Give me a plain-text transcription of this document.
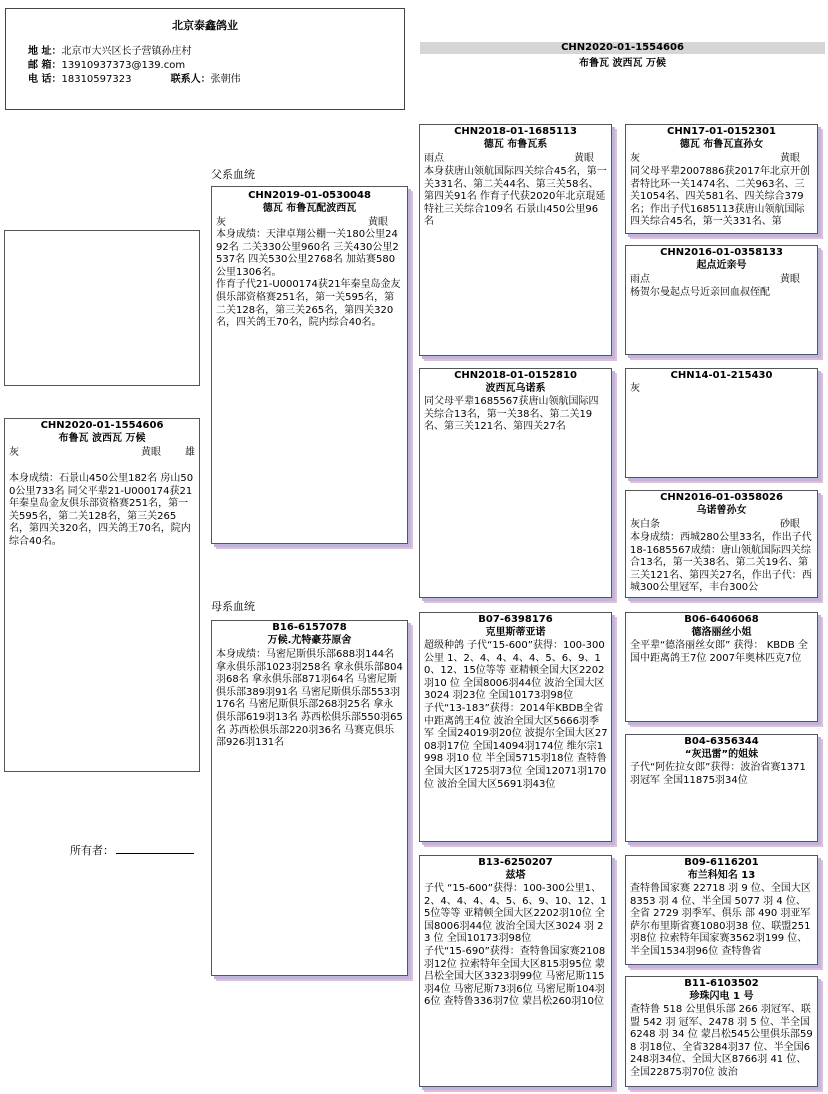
北京泰鑫鸽业
地 址：北京市大兴区长子营镇孙庄村
邮 箱：13910937373@139.com
电 话：18310597323	联系人：张朝伟
CHN2020-01-1554606
布鲁瓦 波西瓦 万候
父系血统
母系血统
所有者：
CHN2020-01-1554606
布鲁瓦 波西瓦 万候
灰	黄眼 雄
本身成绩：石景山450公里182名 房山500公里733名 同父平辈21-U000174获21年秦皇岛金友俱乐部资格赛251名，第一关595名，第二关128名，第三关265名，第四关320名，四关鸽王70名，院内综合40名。
CHN2019-01-0530048
德瓦 布鲁瓦配波西瓦
灰	黄眼
本身成绩：天津卓翔公棚一关180公里2492名 二关330公里960名 三关430公里2537名 四关530公里2768名 加站赛580公里1306名。
作育子代21-U000174获21年秦皇岛金友俱乐部资格赛251名，第一关595名，第二关128名，第三关265名，第四关320名，四关鸽王70名，院内综合40名。
B16-6157078
万候.尤特豪芬原舍
本身成绩：马密尼斯俱乐部688羽144名 拿永俱乐部1023羽258名 拿永俱乐部804羽68名 拿永俱乐部871羽64名 马密尼斯俱乐部389羽91名 马密尼斯俱乐部553羽176名 马密尼斯俱乐部268羽25名 拿永俱乐部619羽13名 苏西松俱乐部550羽65名 苏西松俱乐部220羽36名 马赛克俱乐部926羽131名
CHN2018-01-1685113
德瓦 布鲁瓦系
雨点	黄眼
本身获唐山领航国际四关综合45名，第一关331名、第二关44名、第三关58名、第四关91名 作育子代获2020年北京琨延特社三关综合109名 石景山450公里96名
CHN2018-01-0152810
波西瓦乌诺系
同父母平辈1685567获唐山领航国际四关综合13名，第一关38名、第二关19名、第三关121名、第四关27名
B07-6398176
克里斯蒂亚诺
超级种鸽 子代“15-600”获得：100-300公里 1、2、4、4、4、4、5、6、9、10、12、15位等等 亚精顿全国大区2202羽10 位 全国8006羽44位 波治全国大区3024 羽23位 全国10173羽98位
子代“13-183”获得：2014年KBDB全省中距离鸽王4位 波治全国大区5666羽季军 全国24019羽20位 波提尔全国大区2708羽17位 全国14094羽174位 维尔宗1998 羽10 位 半全国5715羽18位 查特鲁全国大区1725羽73位 全国12071羽170位 波治全国大区5691羽43位
B13-6250207
兹塔
子代 “15-600”获得：100-300公里1、2、4、4、4、4、5、6、9、10、12、15位等等 亚精顿全国大区2202羽10位 全国8006羽44位 波治全国大区3024 羽 23 位 全国10173羽98位
子代“15-690”获得：查特鲁国家赛2108羽12位 拉索特年全国大区815羽95位 蒙吕松全国大区3323羽99位 马密尼斯115羽4位 马密尼斯73羽6位 马密尼斯104羽6位 查特鲁336羽7位 蒙吕松260羽10位
CHN17-01-0152301
德瓦 布鲁瓦直孙女
灰	黄眼
同父母平辈2007886获2017年北京开创者特比环一关1474名、二关963名、三关1054名、四关581名、四关综合379名；作出子代1685113获唐山领航国际四关综合45名，第一关331名、第
CHN2016-01-0358133
起点近亲号
雨点	黄眼
杨贺尔曼起点号近亲回血叔侄配
CHN14-01-215430
灰
CHN2016-01-0358026
乌诺曾孙女
灰白条	砂眼
本身成绩：西城280公里33名，作出子代18-1685567成绩：唐山领航国际四关综合13名，第一关38名、第二关19名、第三关121名、第四关27名，作出子代：西城300公里冠军，丰台300公
B06-6406068
德洛丽丝小姐
全平辈“德洛丽丝女郎” 获得： KBDB 全国中距离鸽王7位 2007年奥林匹克7位
B04-6356344
“灰迅雷”的姐妹
子代“阿佐拉女郎”获得：波治省赛1371羽冠军 全国11875羽34位
B09-6116201
布兰科知名 13
查特鲁国家赛 22718 羽 9 位、全国大区 8353 羽 4 位、半全国 5077 羽 4 位、 全省 2729 羽季军、俱乐 部 490 羽亚军 萨尔布里斯省赛1080羽38 位、联盟251羽8位 拉索特年国家赛3562羽199 位、半全国1534羽96位 查特鲁省
B11-6103502
珍珠闪电 1 号
查特鲁 518 公里俱乐部 266 羽冠军、联盟 542 羽 冠军、2478 羽 5 位、半全国 6248 羽 34 位 蒙吕松545公里俱乐部598 羽18位、全省3284羽37 位、半全国6248羽34位、全国大区8766羽 41 位、 全国22875羽70位 波治
